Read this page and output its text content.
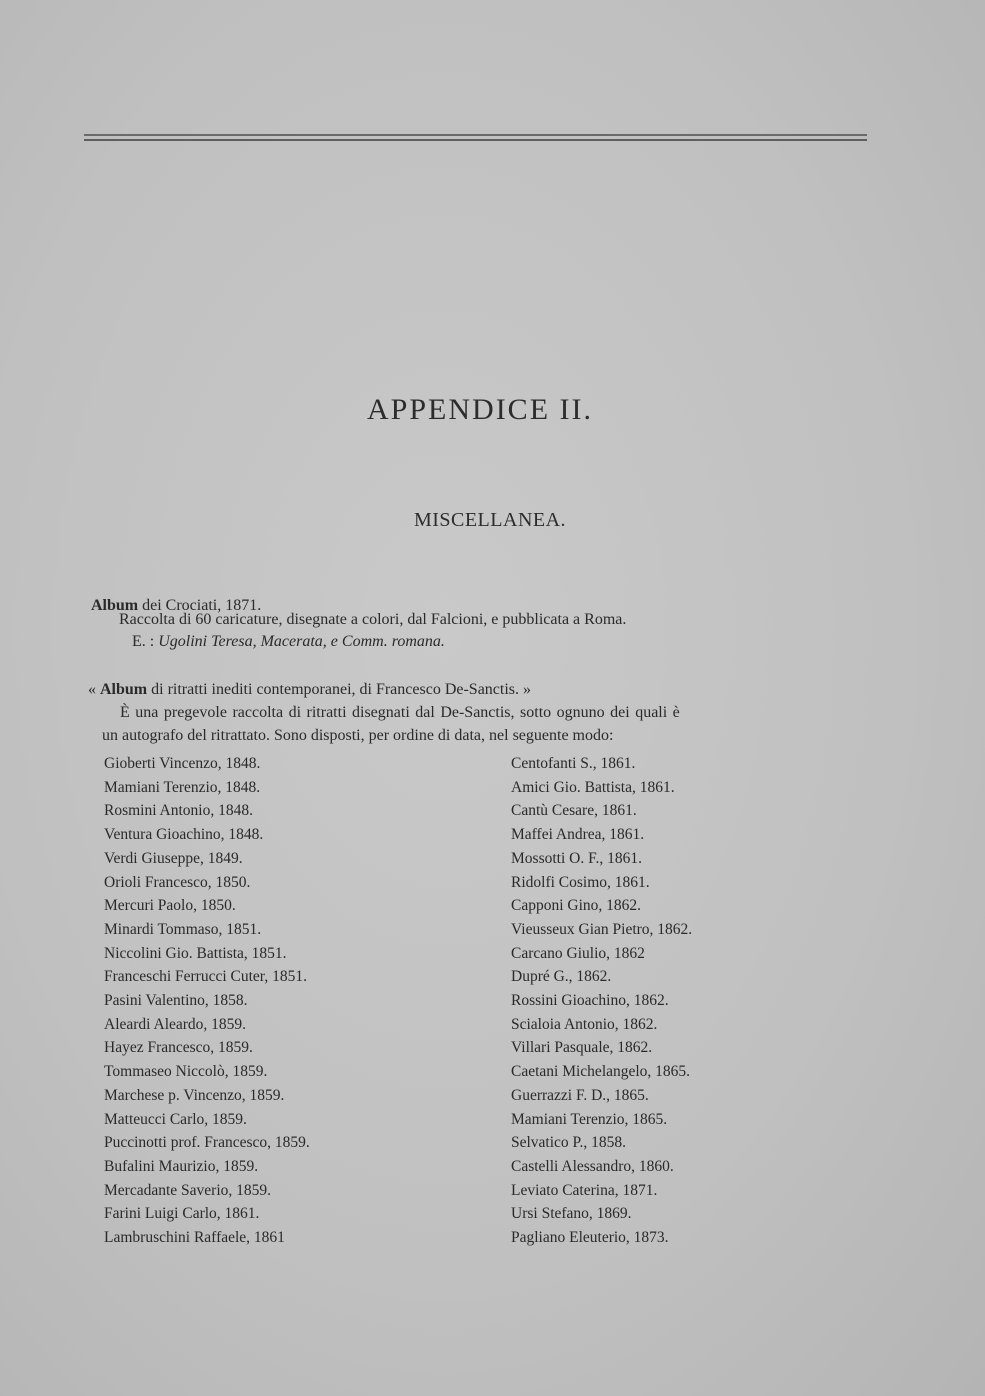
APPENDICE II.
MISCELLANEA.
Album dei Crociati, 1871.
Raccolta di 60 caricature, disegnate a colori, dal Falcioni, e pubblicata a Roma.
E. : Ugolini Teresa, Macerata, e Comm. romana.
« Album di ritratti inediti contemporanei, di Francesco De-Sanctis. »
È una pregevole raccolta di ritratti disegnati dal De-Sanctis, sotto ognuno dei quali è
un autografo del ritrattato. Sono disposti, per ordine di data, nel seguente modo:
Gioberti Vincenzo, 1848.
Mamiani Terenzio, 1848.
Rosmini Antonio, 1848.
Ventura Gioachino, 1848.
Verdi Giuseppe, 1849.
Orioli Francesco, 1850.
Mercuri Paolo, 1850.
Minardi Tommaso, 1851.
Niccolini Gio. Battista, 1851.
Franceschi Ferrucci Cuter, 1851.
Pasini Valentino, 1858.
Aleardi Aleardo, 1859.
Hayez Francesco, 1859.
Tommaseo Niccolò, 1859.
Marchese p. Vincenzo, 1859.
Matteucci Carlo, 1859.
Puccinotti prof. Francesco, 1859.
Bufalini Maurizio, 1859.
Mercadante Saverio, 1859.
Farini Luigi Carlo, 1861.
Lambruschini Raffaele, 1861
Centofanti S., 1861.
Amici Gio. Battista, 1861.
Cantù Cesare, 1861.
Maffei Andrea, 1861.
Mossotti O. F., 1861.
Ridolfi Cosimo, 1861.
Capponi Gino, 1862.
Vieusseux Gian Pietro, 1862.
Carcano Giulio, 1862
Dupré G., 1862.
Rossini Gioachino, 1862.
Scialoia Antonio, 1862.
Villari Pasquale, 1862.
Caetani Michelangelo, 1865.
Guerrazzi F. D., 1865.
Mamiani Terenzio, 1865.
Selvatico P., 1858.
Castelli Alessandro, 1860.
Leviato Caterina, 1871.
Ursi Stefano, 1869.
Pagliano Eleuterio, 1873.
